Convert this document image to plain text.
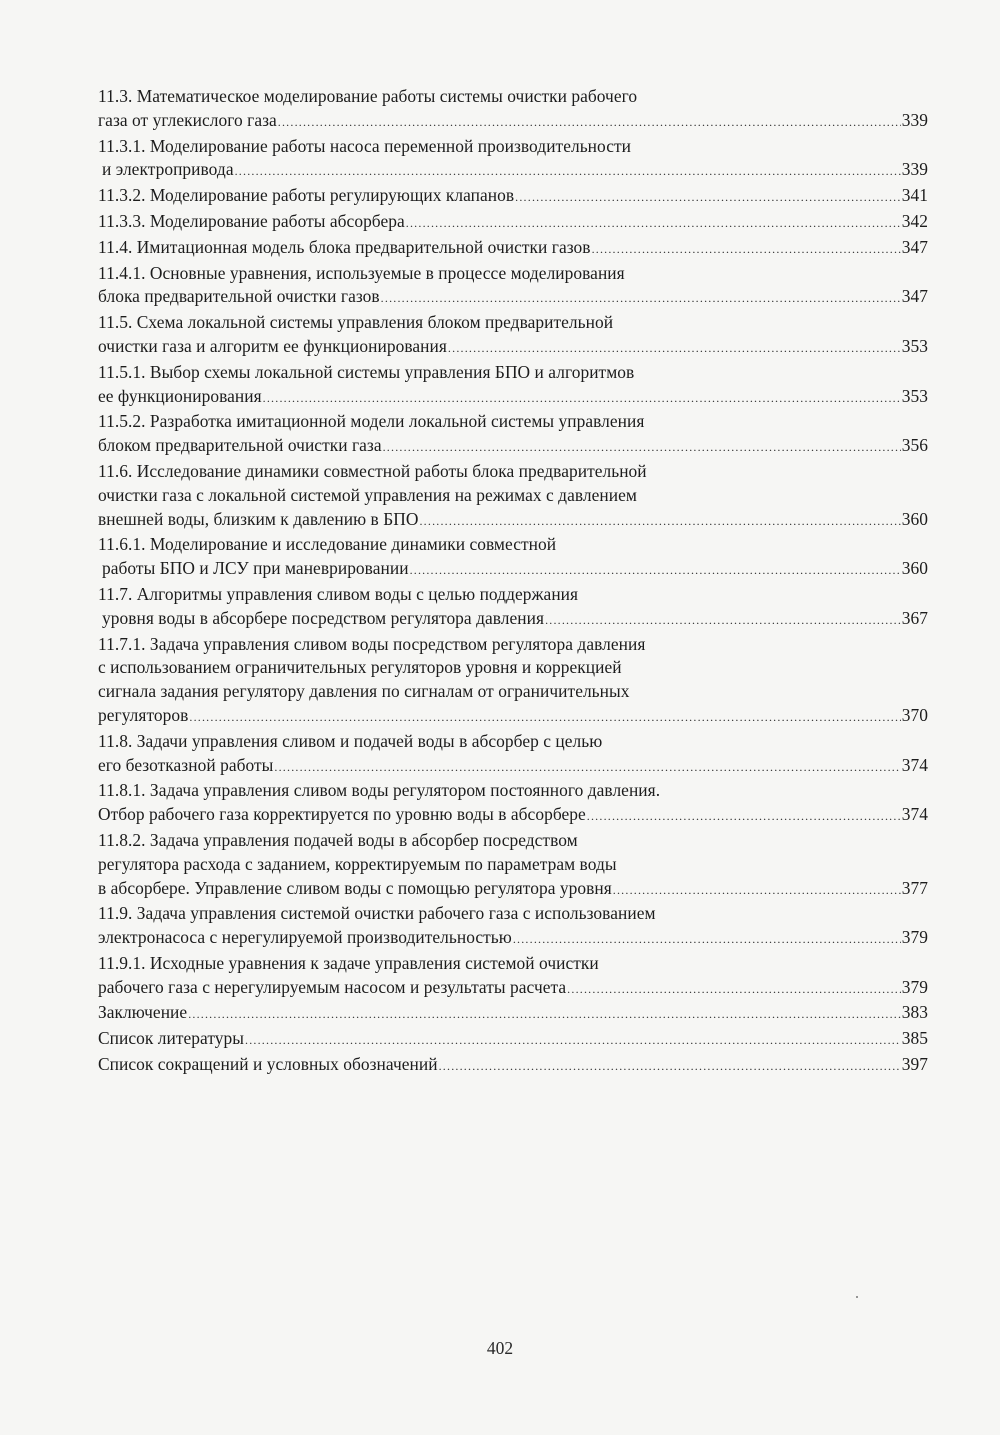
11.3. Математическое моделирование работы системы очистки рабочего
газа от углекислого газа .....	339
11.3.1. Моделирование работы насоса переменной производительности
и электропривода .....	339
11.3.2. Моделирование работы регулирующих клапанов .....	341
11.3.3. Моделирование работы абсорбера .....	342
11.4. Имитационная модель блока предварительной очистки газов .....	347
11.4.1. Основные уравнения, используемые в процессе моделирования
блока предварительной очистки газов .....	347
11.5. Схема локальной системы управления блоком предварительной
очистки газа и алгоритм ее функционирования .....	353
11.5.1. Выбор схемы локальной системы управления БПО и алгоритмов
ее функционирования .....	353
11.5.2. Разработка имитационной модели локальной системы управления
блоком предварительной очистки газа .....	356
11.6. Исследование динамики совместной работы блока предварительной
очистки газа с локальной системой управления на режимах с давлением
внешней воды, близким к давлению в БПО .....	360
11.6.1. Моделирование и исследование динамики совместной
работы БПО и ЛСУ при маневрировании .....	360
11.7. Алгоритмы управления сливом воды с целью поддержания
уровня воды в абсорбере посредством регулятора давления .....	367
11.7.1. Задача управления сливом воды посредством регулятора давления
с использованием ограничительных регуляторов уровня и коррекцией
сигнала задания регулятору давления по сигналам от ограничительных
регуляторов .....	370
11.8. Задачи управления сливом и подачей воды в абсорбер с целью
его безотказной работы .....	374
11.8.1. Задача управления сливом воды регулятором постоянного давления.
Отбор рабочего газа корректируется по уровню воды в абсорбере .....	374
11.8.2. Задача управления подачей воды в абсорбер посредством
регулятора расхода с заданием, корректируемым по параметрам воды
в абсорбере. Управление сливом воды с помощью регулятора уровня .....	377
11.9. Задача управления системой очистки рабочего газа с использованием
электронасоса с нерегулируемой производительностью .....	379
11.9.1. Исходные уравнения к задаче управления системой очистки
рабочего газа с нерегулируемым насосом и результаты расчета .....	379
Заключение .....	383
Список литературы .....	385
Список сокращений и условных обозначений .....	397
402
